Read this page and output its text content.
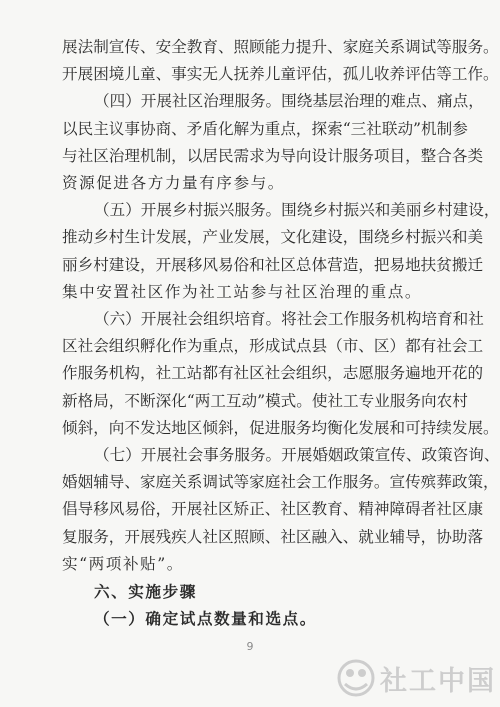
展法制宣传、安全教育、照顾能力提升、家庭关系调试等服务。
开展困境儿童、事实无人抚养儿童评估，孤儿收养评估等工作。
（四）开展社区治理服务。围绕基层治理的难点、痛点，
以民主议事协商、矛盾化解为重点，探索“三社联动”机制参
与社区治理机制，以居民需求为导向设计服务项目，整合各类
资源促进各方力量有序参与。
（五）开展乡村振兴服务。围绕乡村振兴和美丽乡村建设，
推动乡村生计发展，产业发展，文化建设，围绕乡村振兴和美
丽乡村建设，开展移风易俗和社区总体营造，把易地扶贫搬迁
集中安置社区作为社工站参与社区治理的重点。
（六）开展社会组织培育。将社会工作服务机构培育和社
区社会组织孵化作为重点，形成试点县（市、区）都有社会工
作服务机构，社工站都有社区社会组织，志愿服务遍地开花的
新格局，不断深化“两工互动”模式。使社工专业服务向农村
倾斜，向不发达地区倾斜，促进服务均衡化发展和可持续发展。
（七）开展社会事务服务。开展婚姻政策宣传、政策咨询、
婚姻辅导、家庭关系调试等家庭社会工作服务。宣传殡葬政策，
倡导移风易俗，开展社区矫正、社区教育、精神障碍者社区康
复服务，开展残疾人社区照顾、社区融入、就业辅导，协助落
实“两项补贴”。
9
社工中国
六、实施步骤
（一）确定试点数量和选点。
